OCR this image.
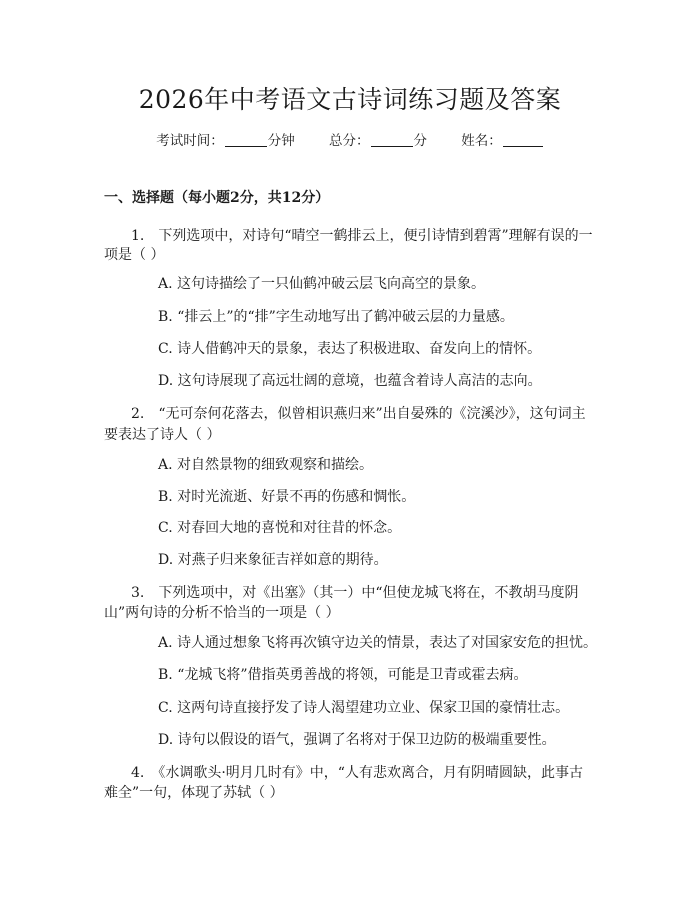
2026年中考语文古诗词练习题及答案
考试时间：	分钟	总分：	分	姓名：
一、选择题（每小题2分，共12分）
1.　下列选项中，对诗句“晴空一鹤排云上，便引诗情到碧霄”理解有误的一
项是（ ）
A. 这句诗描绘了一只仙鹤冲破云层飞向高空的景象。
B. “排云上”的“排”字生动地写出了鹤冲破云层的力量感。
C. 诗人借鹤冲天的景象，表达了积极进取、奋发向上的情怀。
D. 这句诗展现了高远壮阔的意境，也蕴含着诗人高洁的志向。
2.　“无可奈何花落去，似曾相识燕归来”出自晏殊的《浣溪沙》，这句词主
要表达了诗人（ ）
A. 对自然景物的细致观察和描绘。
B. 对时光流逝、好景不再的伤感和惆怅。
C. 对春回大地的喜悦和对往昔的怀念。
D. 对燕子归来象征吉祥如意的期待。
3.　下列选项中，对《出塞》（其一）中“但使龙城飞将在，不教胡马度阴
山”两句诗的分析不恰当的一项是（ ）
A. 诗人通过想象飞将再次镇守边关的情景，表达了对国家安危的担忧。
B. “龙城飞将”借指英勇善战的将领，可能是卫青或霍去病。
C. 这两句诗直接抒发了诗人渴望建功立业、保家卫国的豪情壮志。
D. 诗句以假设的语气，强调了名将对于保卫边防的极端重要性。
4.　《水调歌头·明月几时有》中，“人有悲欢离合，月有阴晴圆缺，此事古
难全”一句，体现了苏轼（ ）
